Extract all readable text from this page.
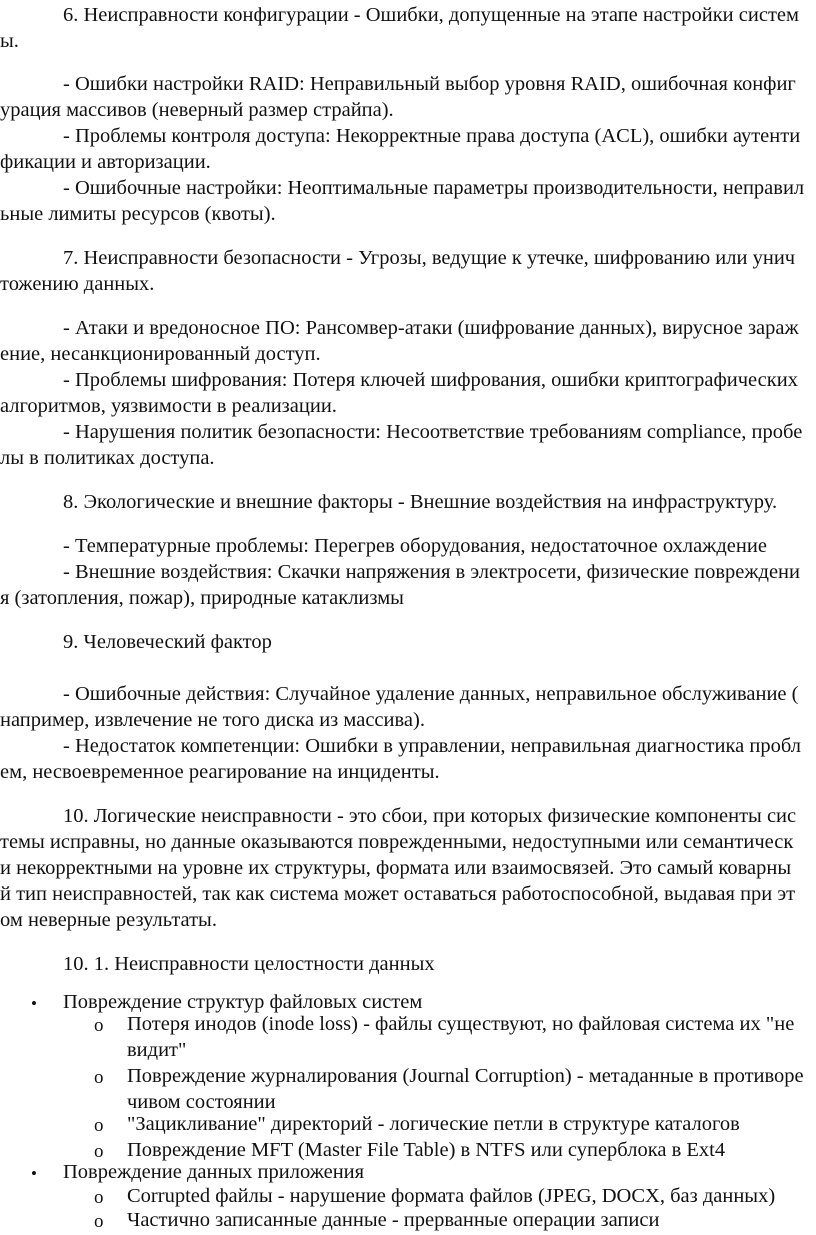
6. Неисправности конфигурации - Ошибки, допущенные на этапе настройки систем
ы.
- Ошибки настройки RAID: Неправильный выбор уровня RAID, ошибочная конфиг
урация массивов (неверный размер страйпа).
- Проблемы контроля доступа: Некорректные права доступа (ACL), ошибки аутенти
фикации и авторизации.
- Ошибочные настройки: Неоптимальные параметры производительности, неправил
ьные лимиты ресурсов (квоты).
7. Неисправности безопасности - Угрозы, ведущие к утечке, шифрованию или унич
тожению данных.
- Атаки и вредоносное ПО: Рансомвер-атаки (шифрование данных), вирусное зараж
ение, несанкционированный доступ.
- Проблемы шифрования: Потеря ключей шифрования, ошибки криптографических
алгоритмов, уязвимости в реализации.
- Нарушения политик безопасности: Несоответствие требованиям compliance, пробе
лы в политиках доступа.
8. Экологические и внешние факторы - Внешние воздействия на инфраструктуру.
- Температурные проблемы: Перегрев оборудования, недостаточное охлаждение
- Внешние воздействия: Скачки напряжения в электросети, физические повреждени
я (затопления, пожар), природные катаклизмы
9. Человеческий фактор
- Ошибочные действия: Случайное удаление данных, неправильное обслуживание (
например, извлечение не того диска из массива).
- Недостаток компетенции: Ошибки в управлении, неправильная диагностика пробл
ем, несвоевременное реагирование на инциденты.
10. Логические неисправности - это сбои, при которых физические компоненты сис
темы исправны, но данные оказываются поврежденными, недоступными или семантическ
и некорректными на уровне их структуры, формата или взаимосвязей. Это самый коварны
й тип неисправностей, так как система может оставаться работоспособной, выдавая при эт
ом неверные результаты.
10. 1. Неисправности целостности данных
• Повреждение структур файловых систем
o Потеря инодов (inode loss) - файлы существуют, но файловая система их "не
видит"
o Повреждение журналирования (Journal Corruption) - метаданные в противоре
чивом состоянии
o "Зацикливание" директорий - логические петли в структуре каталогов
o Повреждение MFT (Master File Table) в NTFS или суперблока в Ext4
• Повреждение данных приложения
o Corrupted файлы - нарушение формата файлов (JPEG, DOCX, баз данных)
o Частично записанные данные - прерванные операции записи
